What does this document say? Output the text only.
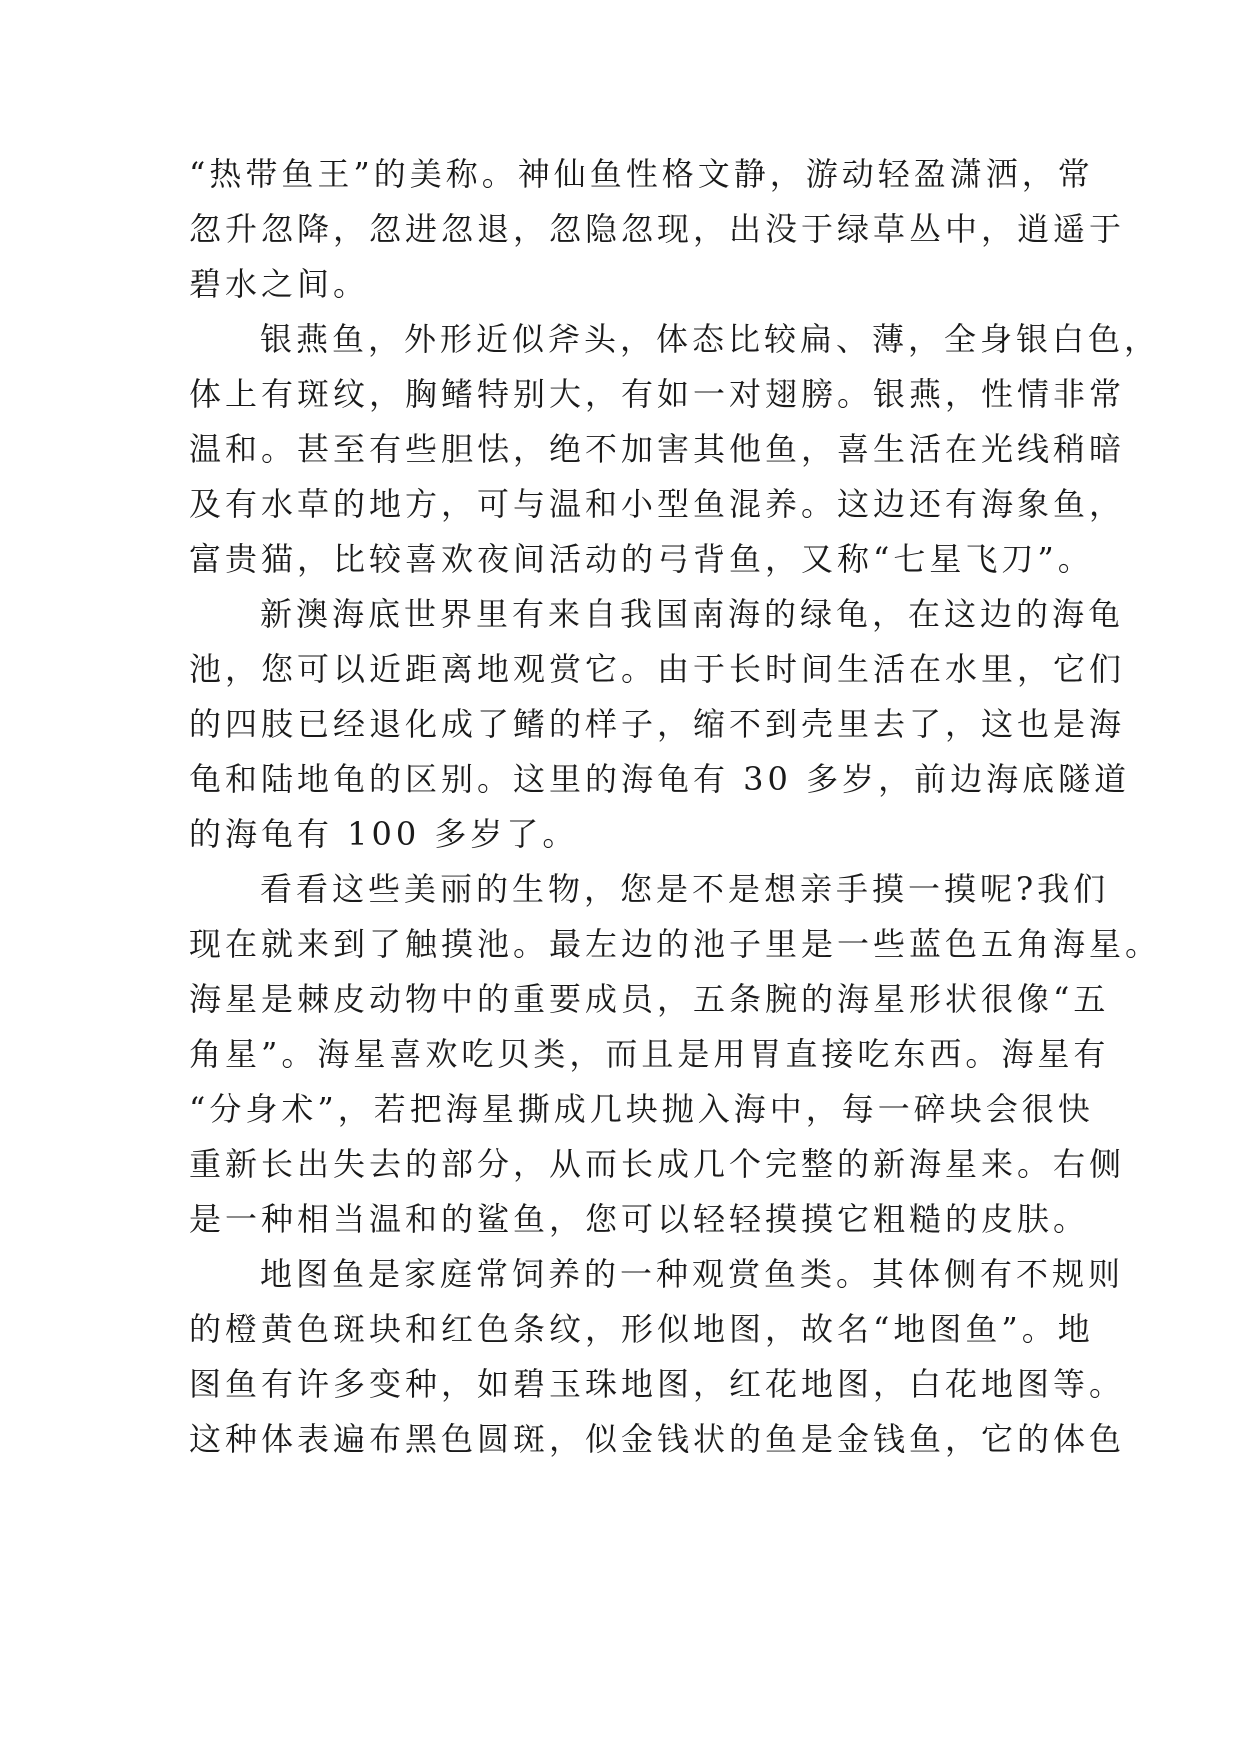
“热带鱼王”的美称。神仙鱼性格文静，游动轻盈潇洒，常
忽升忽降，忽进忽退，忽隐忽现，出没于绿草丛中，逍遥于
碧水之间。
银燕鱼，外形近似斧头，体态比较扁、薄，全身银白色，
体上有斑纹，胸鳍特别大，有如一对翅膀。银燕，性情非常
温和。甚至有些胆怯，绝不加害其他鱼，喜生活在光线稍暗
及有水草的地方，可与温和小型鱼混养。这边还有海象鱼，
富贵猫，比较喜欢夜间活动的弓背鱼，又称“七星飞刀”。
新澳海底世界里有来自我国南海的绿龟，在这边的海龟
池，您可以近距离地观赏它。由于长时间生活在水里，它们
的四肢已经退化成了鳍的样子，缩不到壳里去了，这也是海
龟和陆地龟的区别。这里的海龟有 30 多岁，前边海底隧道
的海龟有 100 多岁了。
看看这些美丽的生物，您是不是想亲手摸一摸呢?我们
现在就来到了触摸池。最左边的池子里是一些蓝色五角海星。
海星是棘皮动物中的重要成员，五条腕的海星形状很像“五
角星”。海星喜欢吃贝类，而且是用胃直接吃东西。海星有
“分身术”，若把海星撕成几块抛入海中，每一碎块会很快
重新长出失去的部分，从而长成几个完整的新海星来。右侧
是一种相当温和的鲨鱼，您可以轻轻摸摸它粗糙的皮肤。
地图鱼是家庭常饲养的一种观赏鱼类。其体侧有不规则
的橙黄色斑块和红色条纹，形似地图，故名“地图鱼”。地
图鱼有许多变种，如碧玉珠地图，红花地图，白花地图等。
这种体表遍布黑色圆斑，似金钱状的鱼是金钱鱼，它的体色
